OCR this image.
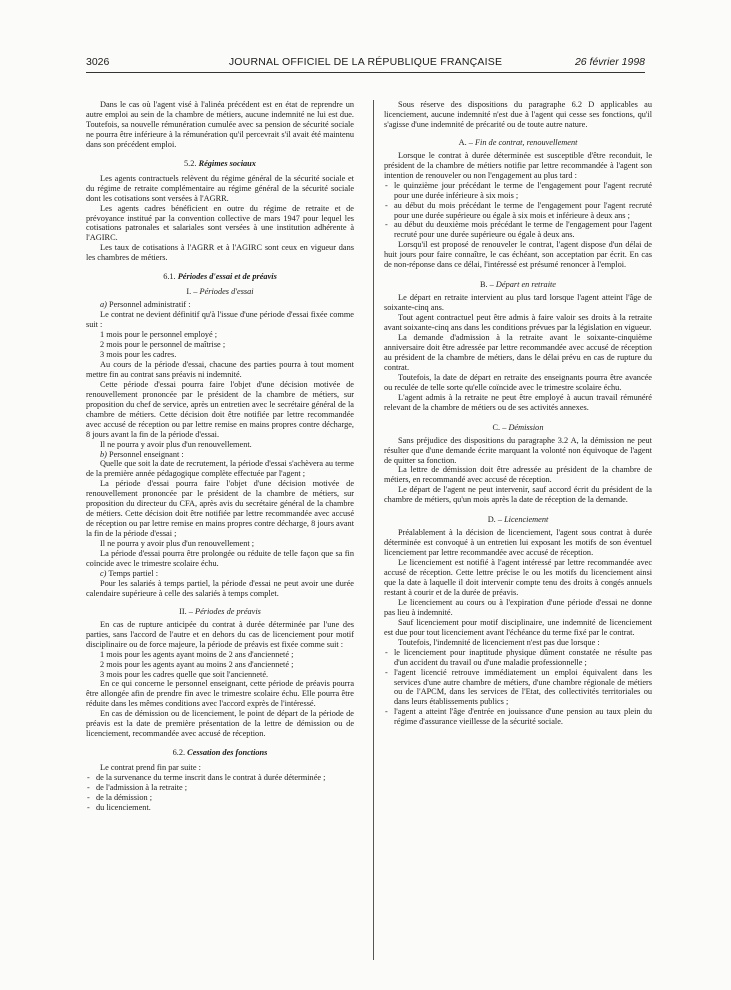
3026	JOURNAL OFFICIEL DE LA RÉPUBLIQUE FRANÇAISE	26 février 1998

Dans le cas où l'agent visé à l'alinéa précédent est en état de reprendre un autre emploi au sein de la chambre de métiers, aucune indemnité ne lui est due. Toutefois, sa nouvelle rémunération cumulée avec sa pension de sécurité sociale ne pourra être inférieure à la rémunération qu'il percevrait s'il avait été maintenu dans son précédent emploi.

5.2. Régimes sociaux

Les agents contractuels relèvent du régime général de la sécurité sociale et du régime de retraite complémentaire au régime général de la sécurité sociale dont les cotisations sont versées à l'AGRR.

Les agents cadres bénéficient en outre du régime de retraite et de prévoyance institué par la convention collective de mars 1947 pour lequel les cotisations patronales et salariales sont versées à une institution adhérente à l'AGIRC.

Les taux de cotisations à l'AGRR et à l'AGIRC sont ceux en vigueur dans les chambres de métiers.

6.1. Périodes d'essai et de préavis
I. – Périodes d'essai

a) Personnel administratif :

Le contrat ne devient définitif qu'à l'issue d'une période d'essai fixée comme suit :

1 mois pour le personnel employé ;
2 mois pour le personnel de maîtrise ;
3 mois pour les cadres.

Au cours de la période d'essai, chacune des parties pourra à tout moment mettre fin au contrat sans préavis ni indemnité.

Cette période d'essai pourra faire l'objet d'une décision motivée de renouvellement prononcée par le président de la chambre de métiers, sur proposition du chef de service, après un entretien avec le secrétaire général de la chambre de métiers. Cette décision doit être notifiée par lettre recommandée avec accusé de réception ou par lettre remise en mains propres contre décharge, 8 jours avant la fin de la période d'essai.

Il ne pourra y avoir plus d'un renouvellement.

b) Personnel enseignant :

Quelle que soit la date de recrutement, la période d'essai s'achèvera au terme de la première année pédagogique complète effectuée par l'agent ;

La période d'essai pourra faire l'objet d'une décision motivée de renouvellement prononcée par le président de la chambre de métiers, sur proposition du directeur du CFA, après avis du secrétaire général de la chambre de métiers. Cette décision doit être notifiée par lettre recommandée avec accusé de réception ou par lettre remise en mains propres contre décharge, 8 jours avant la fin de la période d'essai ;

Il ne pourra y avoir plus d'un renouvellement ;

La période d'essai pourra être prolongée ou réduite de telle façon que sa fin coïncide avec le trimestre scolaire échu.

c) Temps partiel :

Pour les salariés à temps partiel, la période d'essai ne peut avoir une durée calendaire supérieure à celle des salariés à temps complet.

II. – Périodes de préavis

En cas de rupture anticipée du contrat à durée déterminée par l'une des parties, sans l'accord de l'autre et en dehors du cas de licenciement pour motif disciplinaire ou de force majeure, la période de préavis est fixée comme suit :

1 mois pour les agents ayant moins de 2 ans d'ancienneté ;
2 mois pour les agents ayant au moins 2 ans d'ancienneté ;
3 mois pour les cadres quelle que soit l'ancienneté.

En ce qui concerne le personnel enseignant, cette période de préavis pourra être allongée afin de prendre fin avec le trimestre scolaire échu. Elle pourra être réduite dans les mêmes conditions avec l'accord exprès de l'intéressé.

En cas de démission ou de licenciement, le point de départ de la période de préavis est la date de première présentation de la lettre de démission ou de licenciement, recommandée avec accusé de réception.

6.2. Cessation des fonctions

Le contrat prend fin par suite :

- de la survenance du terme inscrit dans le contrat à durée déterminée ;
- de l'admission à la retraite ;
- de la démission ;
- du licenciement.

Sous réserve des dispositions du paragraphe 6.2 D applicables au licenciement, aucune indemnité n'est due à l'agent qui cesse ses fonctions, qu'il s'agisse d'une indemnité de précarité ou de toute autre nature.

A. – Fin de contrat, renouvellement

Lorsque le contrat à durée déterminée est susceptible d'être reconduit, le président de la chambre de métiers notifie par lettre recommandée à l'agent son intention de renouveler ou non l'engagement au plus tard :

- le quinzième jour précédant le terme de l'engagement pour l'agent recruté pour une durée inférieure à six mois ;
- au début du mois précédant le terme de l'engagement pour l'agent recruté pour une durée supérieure ou égale à six mois et inférieure à deux ans ;
- au début du deuxième mois précédant le terme de l'engagement pour l'agent recruté pour une durée supérieure ou égale à deux ans.

Lorsqu'il est proposé de renouveler le contrat, l'agent dispose d'un délai de huit jours pour faire connaître, le cas échéant, son acceptation par écrit. En cas de non-réponse dans ce délai, l'intéressé est présumé renoncer à l'emploi.

B. – Départ en retraite

Le départ en retraite intervient au plus tard lorsque l'agent atteint l'âge de soixante-cinq ans.

Tout agent contractuel peut être admis à faire valoir ses droits à la retraite avant soixante-cinq ans dans les conditions prévues par la législation en vigueur.

La demande d'admission à la retraite avant le soixante-cinquième anniversaire doit être adressée par lettre recommandée avec accusé de réception au président de la chambre de métiers, dans le délai prévu en cas de rupture du contrat.

Toutefois, la date de départ en retraite des enseignants pourra être avancée ou reculée de telle sorte qu'elle coïncide avec le trimestre scolaire échu.

L'agent admis à la retraite ne peut être employé à aucun travail rémunéré relevant de la chambre de métiers ou de ses activités annexes.

C. – Démission

Sans préjudice des dispositions du paragraphe 3.2 A, la démission ne peut résulter que d'une demande écrite marquant la volonté non équivoque de l'agent de quitter sa fonction.

La lettre de démission doit être adressée au président de la chambre de métiers, en recommandé avec accusé de réception.

Le départ de l'agent ne peut intervenir, sauf accord écrit du président de la chambre de métiers, qu'un mois après la date de réception de la demande.

D. – Licenciement

Préalablement à la décision de licenciement, l'agent sous contrat à durée déterminée est convoqué à un entretien lui exposant les motifs de son éventuel licenciement par lettre recommandée avec accusé de réception.

Le licenciement est notifié à l'agent intéressé par lettre recommandée avec accusé de réception. Cette lettre précise le ou les motifs du licenciement ainsi que la date à laquelle il doit intervenir compte tenu des droits à congés annuels restant à courir et de la durée de préavis.

Le licenciement au cours ou à l'expiration d'une période d'essai ne donne pas lieu à indemnité.

Sauf licenciement pour motif disciplinaire, une indemnité de licenciement est due pour tout licenciement avant l'échéance du terme fixé par le contrat.

Toutefois, l'indemnité de licenciement n'est pas due lorsque :

- le licenciement pour inaptitude physique dûment constatée ne résulte pas d'un accident du travail ou d'une maladie professionnelle ;
- l'agent licencié retrouve immédiatement un emploi équivalent dans les services d'une autre chambre de métiers, d'une chambre régionale de métiers ou de l'APCM, dans les services de l'Etat, des collectivités territoriales ou dans leurs établissements publics ;
- l'agent a atteint l'âge d'entrée en jouissance d'une pension au taux plein du régime d'assurance vieillesse de la sécurité sociale.
